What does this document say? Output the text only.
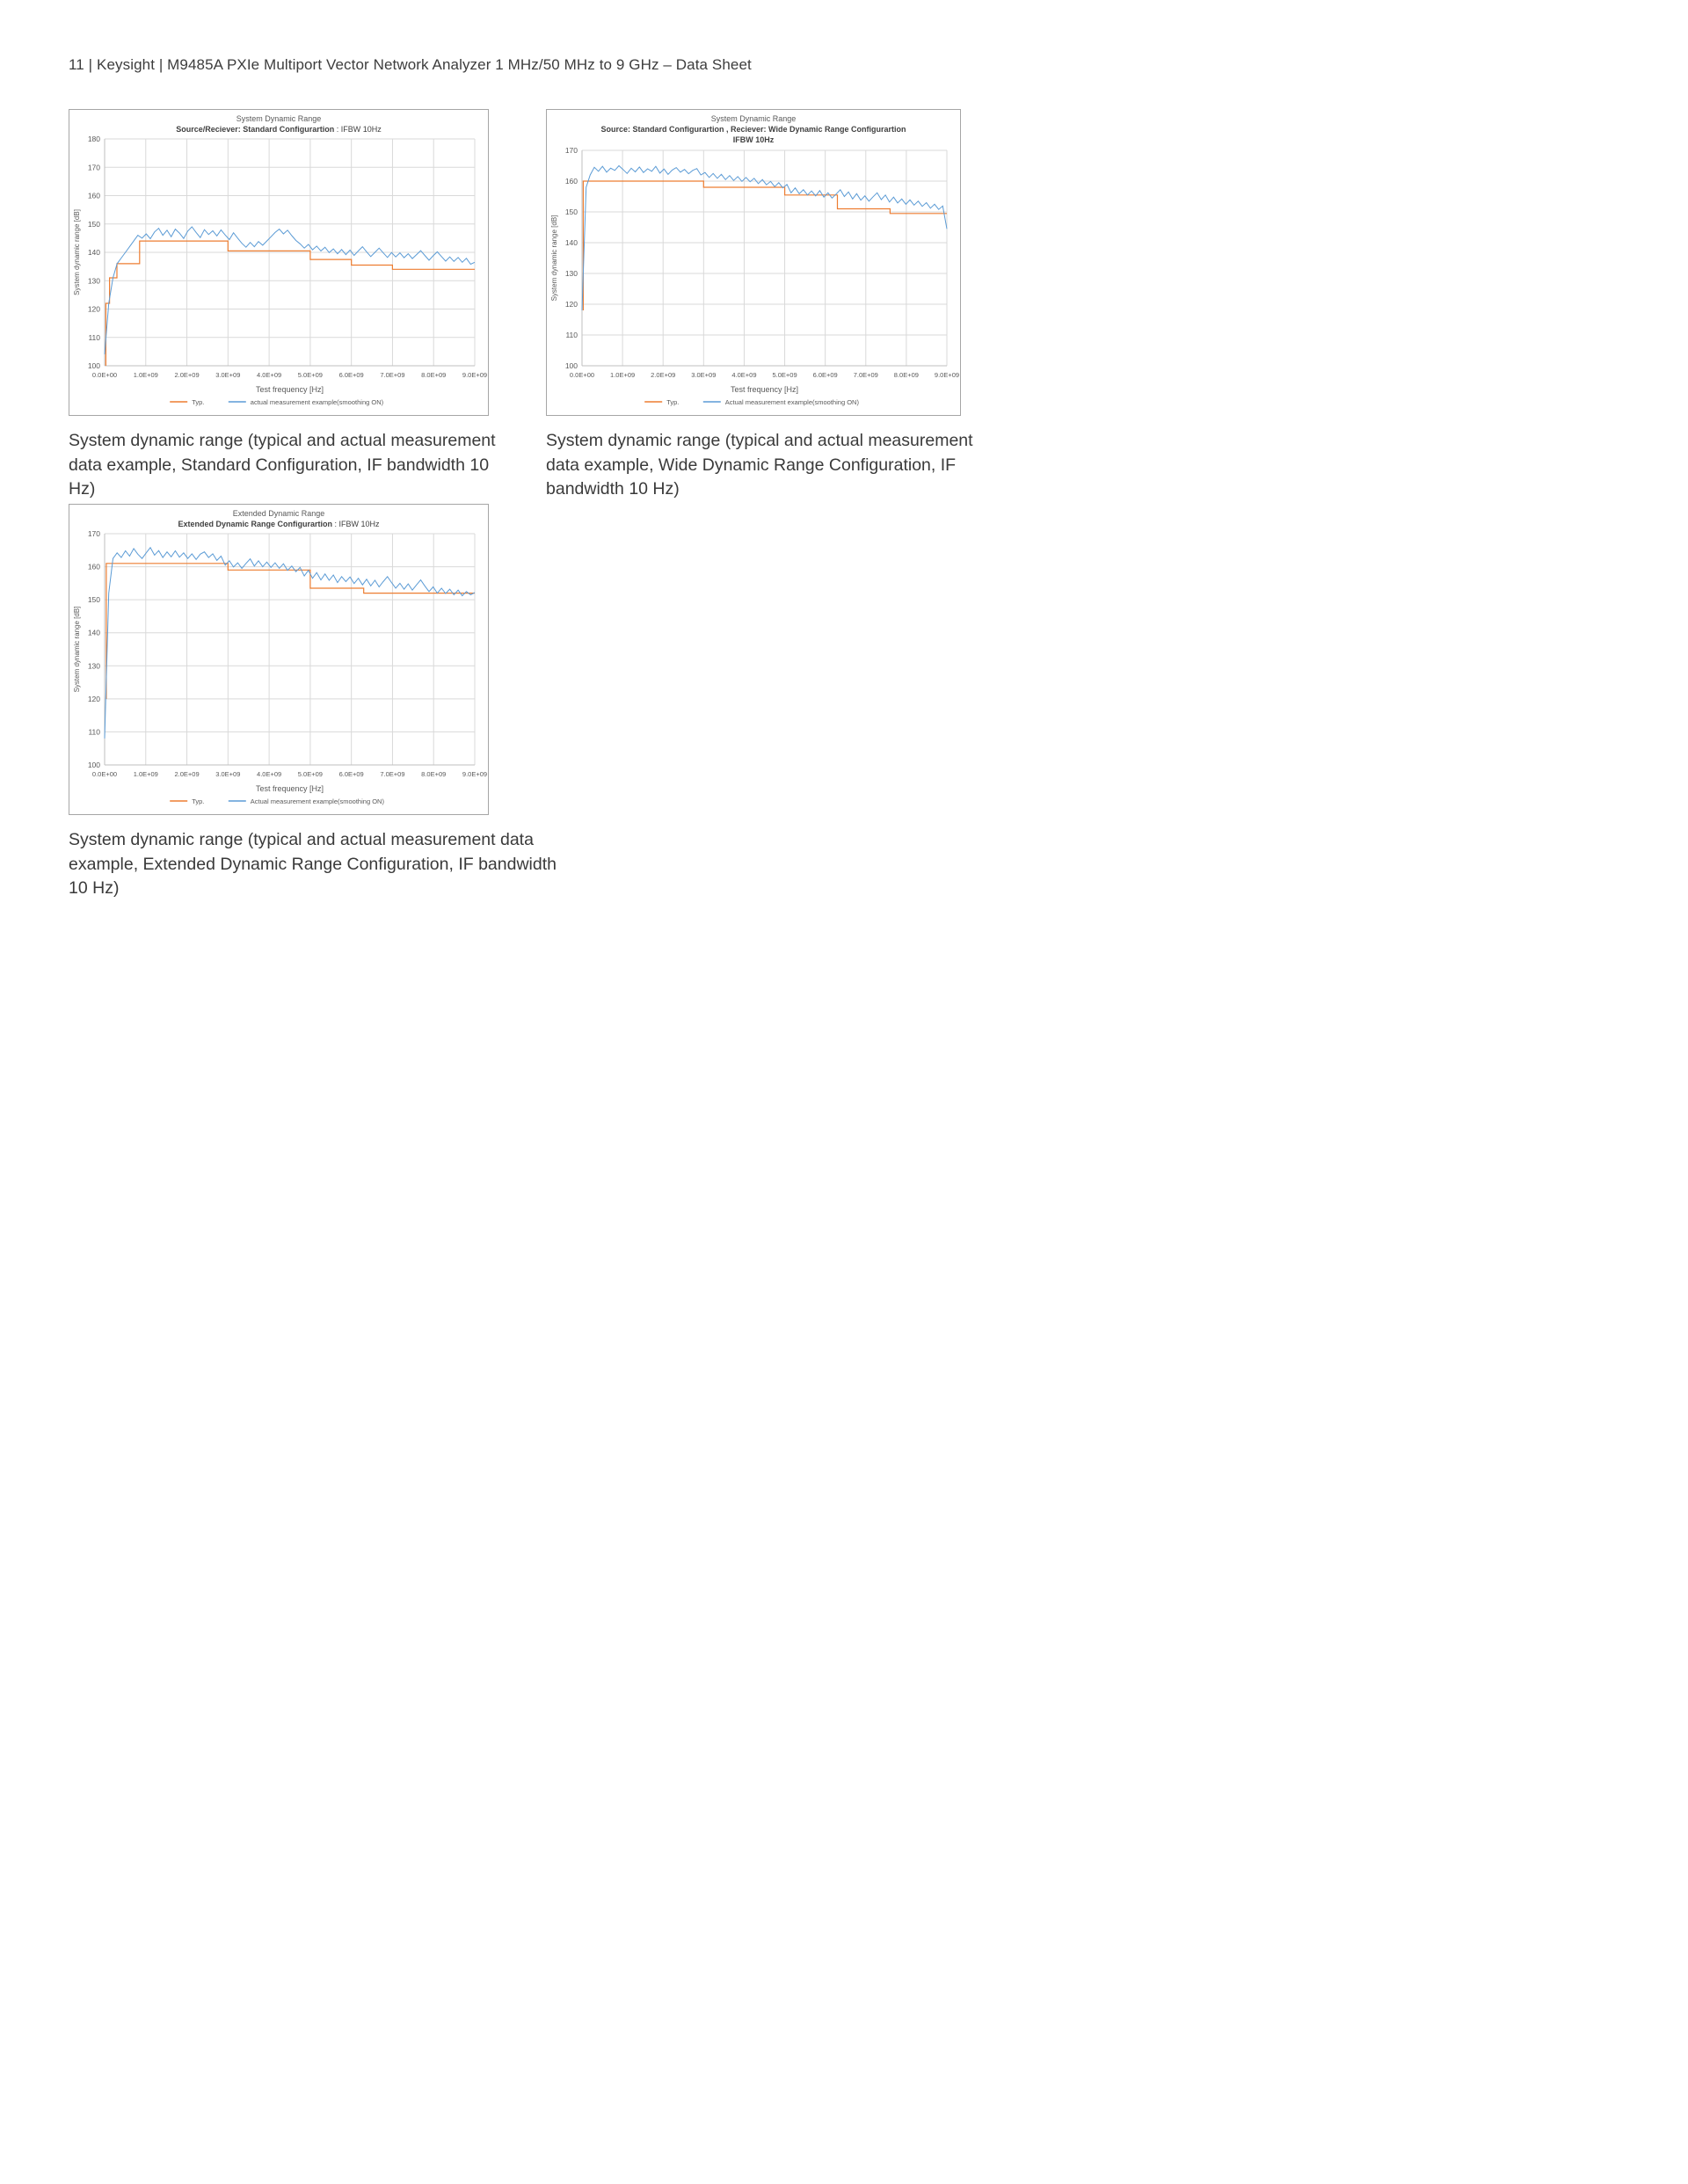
11 | Keysight | M9485A PXIe Multiport Vector Network Analyzer 1 MHz/50 MHz to 9 GHz – Data Sheet
100
110
120
130
140
150
160
170
180
0.0E+00 1.0E+09 2.0E+09 3.0E+09 4.0E+09 5.0E+09 6.0E+09 7.0E+09 8.0E+09 9.0E+09
System dynamic range [dB]
Test frequency [Hz]
System Dynamic Range
Source/Reciever: Standard Configurartion : IFBW 10Hz
Typ.	actual measurement example(smoothing ON)
100
110
120
130
140
150
160
170
0.0E+00 1.0E+09 2.0E+09 3.0E+09 4.0E+09 5.0E+09 6.0E+09 7.0E+09 8.0E+09 9.0E+09
System dynamic range [dB]
Test frequency [Hz]
System Dynamic Range
Source: Standard Configurartion , Reciever: Wide Dynamic Range Configurartion
IFBW 10Hz
Typ.	Actual measurement example(smoothing ON)
100
110
120
130
140
150
160
170
0.0E+00 1.0E+09 2.0E+09 3.0E+09 4.0E+09 5.0E+09 6.0E+09 7.0E+09 8.0E+09 9.0E+09
System dynamic range [dB]
Test frequency [Hz]
Extended Dynamic Range
Extended Dynamic Range Configurartion : IFBW 10Hz
Typ.	Actual measurement example(smoothing ON)
System dynamic range (typical and actual measurement data example, Standard Configuration, IF bandwidth 10 Hz)
System dynamic range (typical and actual measurement data example, Wide Dynamic Range Configuration, IF bandwidth 10 Hz)
System dynamic range (typical and actual measurement data example, Extended Dynamic Range Configuration, IF bandwidth 10 Hz)
